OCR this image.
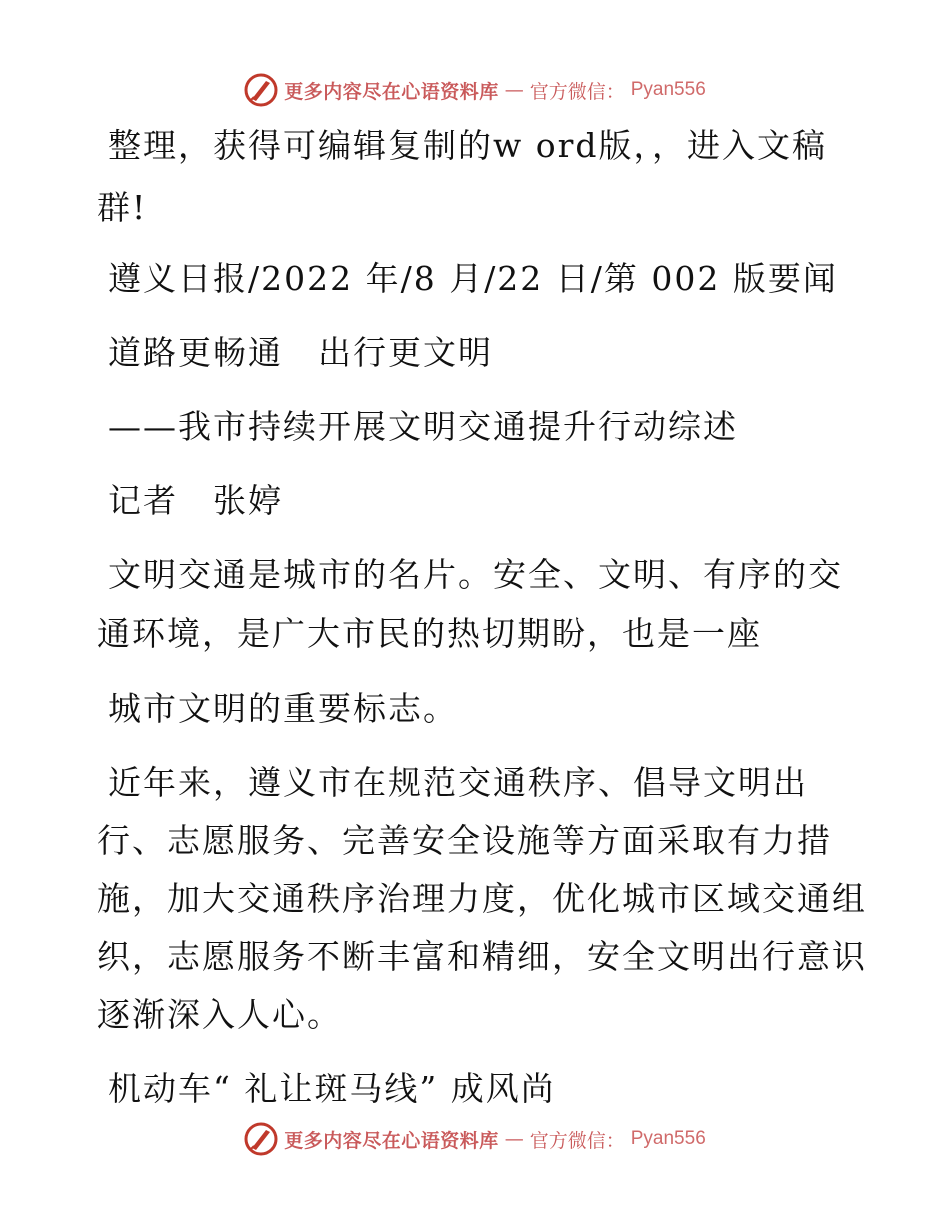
更多内容尽在心语资料库 — 官方微信： Pyan556
整理，获得可编辑复制的w ord版，，进入文稿
群!
遵义日报/2022 年/8 月/22 日/第 002 版要闻
道路更畅通　出行更文明
——我市持续开展文明交通提升行动综述
记者　张婷
文明交通是城市的名片。安全、文明、有序的交
通环境，是广大市民的热切期盼，也是一座
城市文明的重要标志。
近年来，遵义市在规范交通秩序、倡导文明出
行、志愿服务、完善安全设施等方面采取有力措
施，加大交通秩序治理力度，优化城市区域交通组
织，志愿服务不断丰富和精细，安全文明出行意识
逐渐深入人心。
机动车“ 礼让斑马线” 成风尚
更多内容尽在心语资料库 — 官方微信： Pyan556
